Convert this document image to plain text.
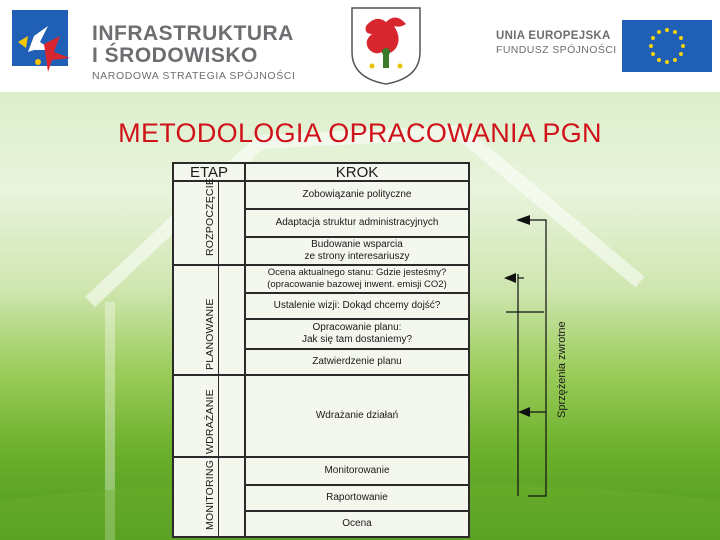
INFRASTRUKTURA
I ŚRODOWISKO
NARODOWA STRATEGIA SPÓJNOŚCI
UNIA EUROPEJSKA
FUNDUSZ SPÓJNOŚCI
METODOLOGIA OPRACOWANIA PGN
ETAP	KROK
ROZPOCZĘCIE
PLANOWANIE
WDRAŻANIE
MONITORING
Zobowiązanie polityczne
Adaptacja struktur administracyjnych
Budowanie wsparcia
ze strony interesariuszy
Ocena aktualnego stanu: Gdzie jesteśmy?
(opracowanie bazowej inwent. emisji CO2)
Ustalenie wizji: Dokąd chcemy dojść?
Opracowanie planu:
Jak się tam dostaniemy?
Zatwierdzenie planu
Wdrażanie działań
Monitorowanie
Raportowanie
Ocena
Sprzężenia zwrotne
